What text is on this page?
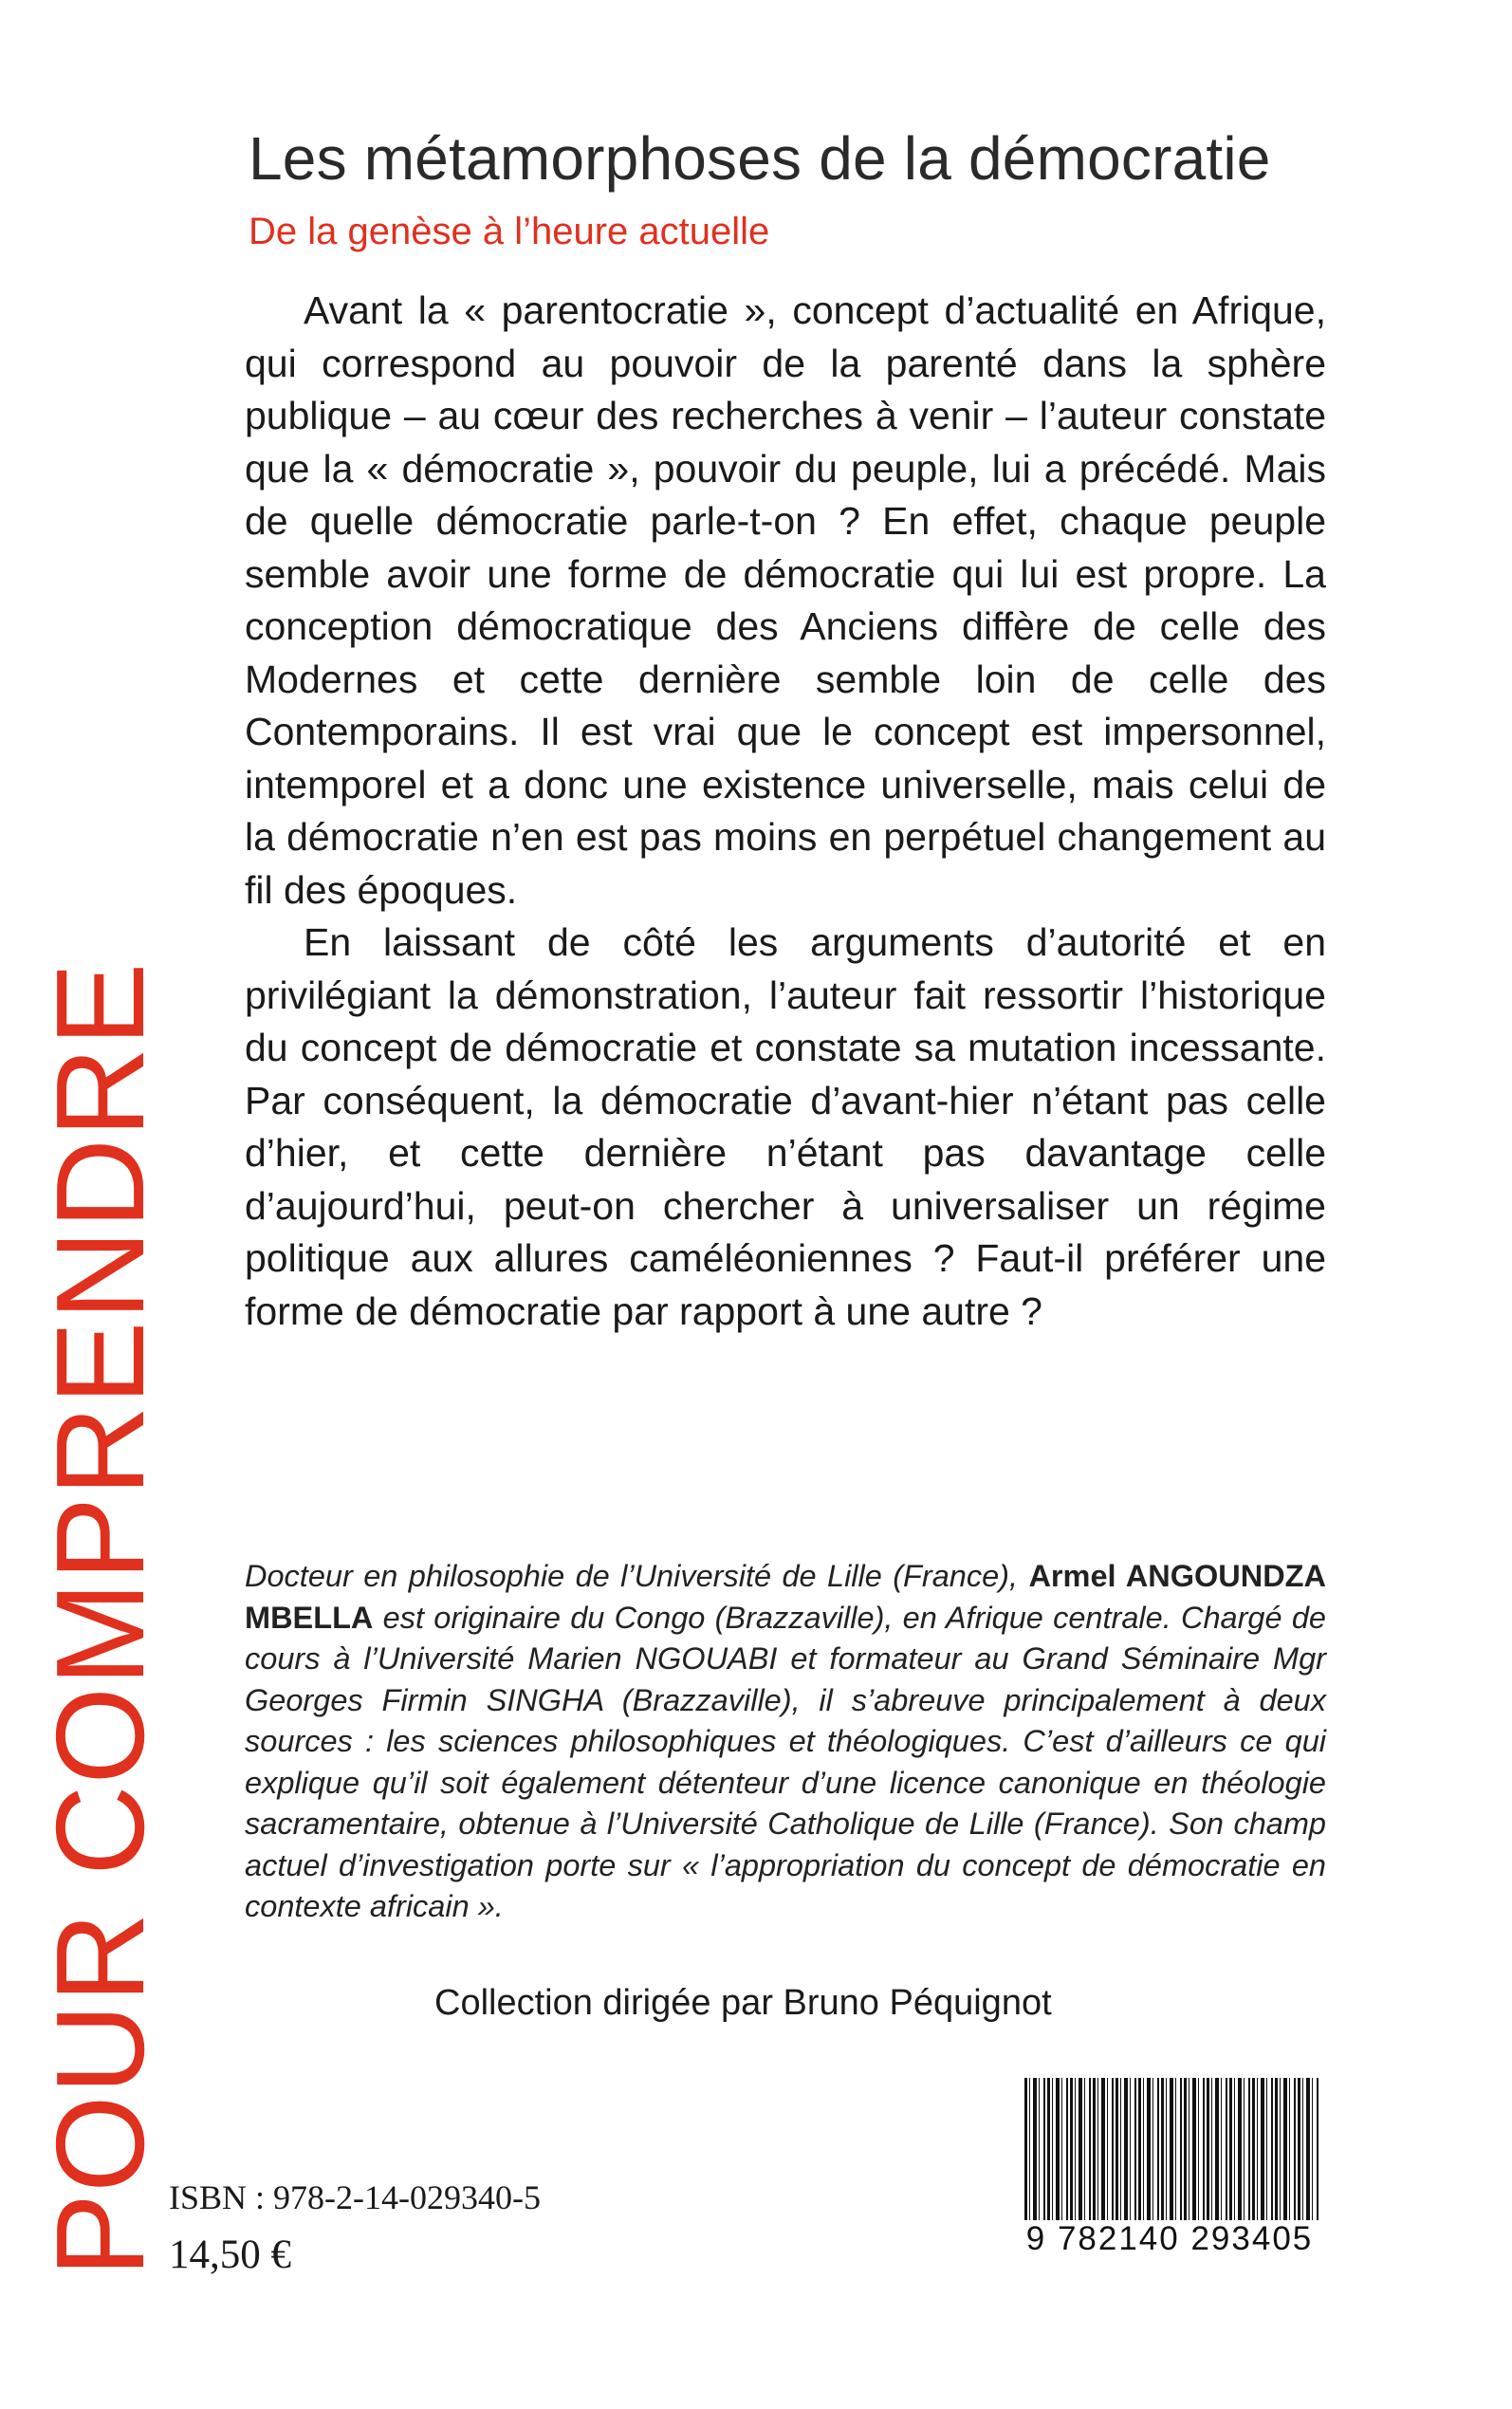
Les métamorphoses de la démocratie
De la genèse à l’heure actuelle

Avant la « parentocratie », concept d’actualité en Afrique, qui correspond au pouvoir de la parenté dans la sphère publique – au cœur des recherches à venir – l’auteur constate que la « démocratie », pouvoir du peuple, lui a précédé. Mais de quelle démocratie parle-t-on ? En effet, chaque peuple semble avoir une forme de démocratie qui lui est propre. La conception démocratique des Anciens diffère de celle des Modernes et cette dernière semble loin de celle des Contemporains. Il est vrai que le concept est impersonnel, intemporel et a donc une existence universelle, mais celui de la démocratie n’en est pas moins en perpétuel changement au fil des époques.

En laissant de côté les arguments d’autorité et en privilégiant la démonstration, l’auteur fait ressortir l’historique du concept de démocratie et constate sa mutation incessante. Par conséquent, la démocratie d’avant-hier n’étant pas celle d’hier, et cette dernière n’étant pas davantage celle d’aujourd’hui, peut-on chercher à universaliser un régime politique aux allures caméléoniennes ? Faut-il préférer une forme de démocratie par rapport à une autre ?

Docteur en philosophie de l’Université de Lille (France), Armel ANGOUNDZA MBELLA est originaire du Congo (Brazzaville), en Afrique centrale. Chargé de cours à l’Université Marien NGOUABI et formateur au Grand Séminaire Mgr Georges Firmin SINGHA (Brazzaville), il s’abreuve principalement à deux sources : les sciences philosophiques et théologiques. C’est d’ailleurs ce qui explique qu’il soit également détenteur d’une licence canonique en théologie sacramentaire, obtenue à l’Université Catholique de Lille (France). Son champ actuel d’investigation porte sur « l’appropriation du concept de démocratie en contexte africain ».

Collection dirigée par Bruno Péquignot
POUR COMPRENDRE ISBN : 978-2-14-029340-5
14,50 €	9 782140 293405
